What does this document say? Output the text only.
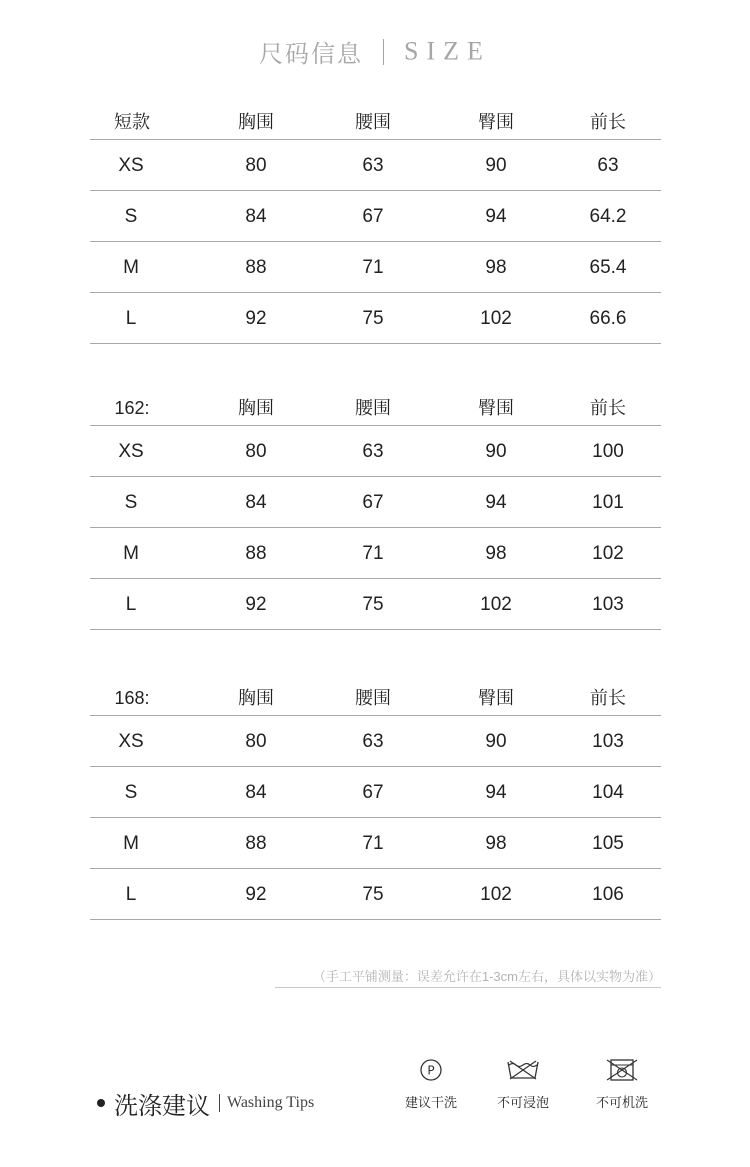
尺码信息 SIZE
短款	胸围	腰围	臀围	前长
XS	80	63	90	63
S	84	67	94	64.2
M	88	71	98	65.4
L	92	75	102	66.6
162:	胸围	腰围	臀围	前长
XS	80	63	90	100
S	84	67	94	101
M	88	71	98	102
L	92	75	102	103
168:	胸围	腰围	臀围	前长
XS	80	63	90	103
S	84	67	94	104
M	88	71	98	105
L	92	75	102	106
（手工平铺测量：误差允许在1-3cm左右，具体以实物为准）
洗涤建议 Washing Tips
P
建议干洗	不可浸泡	不可机洗
